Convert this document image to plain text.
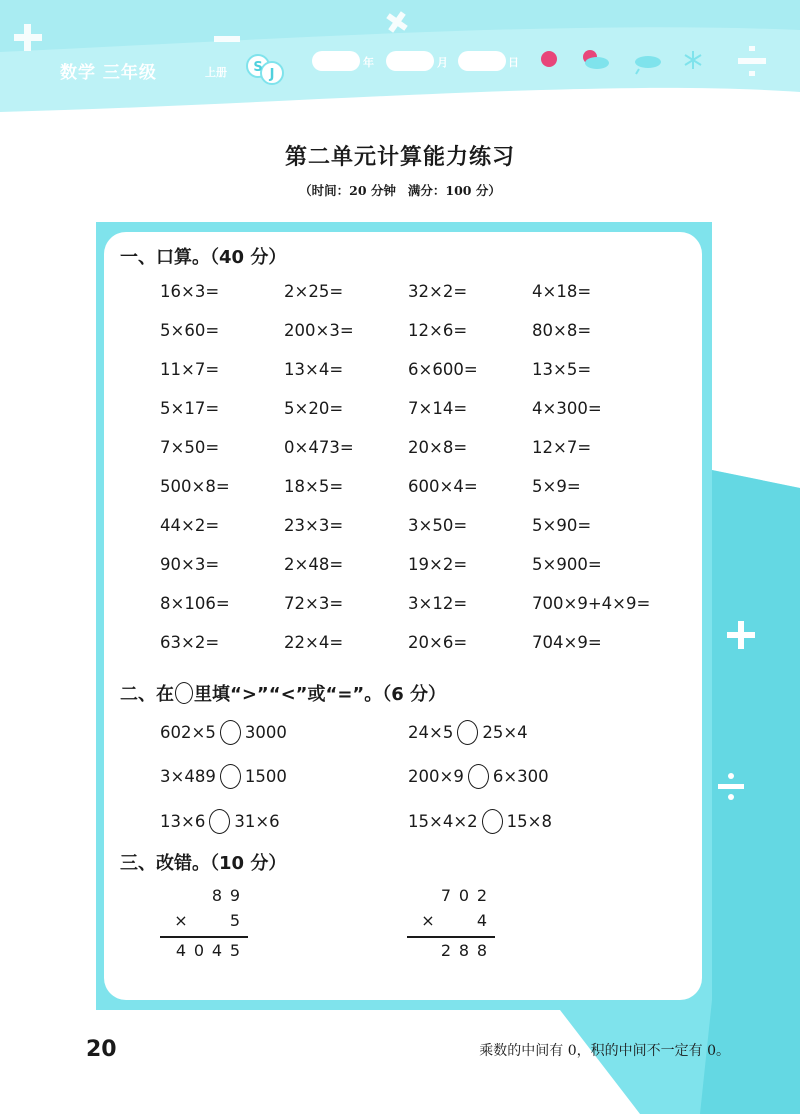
数学 三年级	上册 S J
年	月	日
第二单元计算能力练习
（时间：20 分钟 满分：100 分）
一、口算。（40 分）
16×3=	2×25=	32×2=	4×18=
5×60=	200×3=	12×6=	80×8=
11×7=	13×4=	6×600=	13×5=
5×17=	5×20=	7×14=	4×300=
7×50=	0×473=	20×8=	12×7=
500×8=	18×5=	600×4=	5×9=
44×2=	23×3=	3×50=	5×90=
90×3=	2×48=	19×2=	5×900=
8×106=	72×3=	3×12=	700×9+4×9=
63×2=	22×4=	20×6=	704×9=
二、在 里填“>”“<”或“=”。（6 分）
602×5 3000	24×5 25×4
3×489 1500	200×9 6×300
13×6 31×6	15×4×2 15×8
三、改错。（10 分）
8 9
×	5
4 0 4 5
7 0 2
×	4
2 8 8
20	乘数的中间有 0，积的中间不一定有 0。
